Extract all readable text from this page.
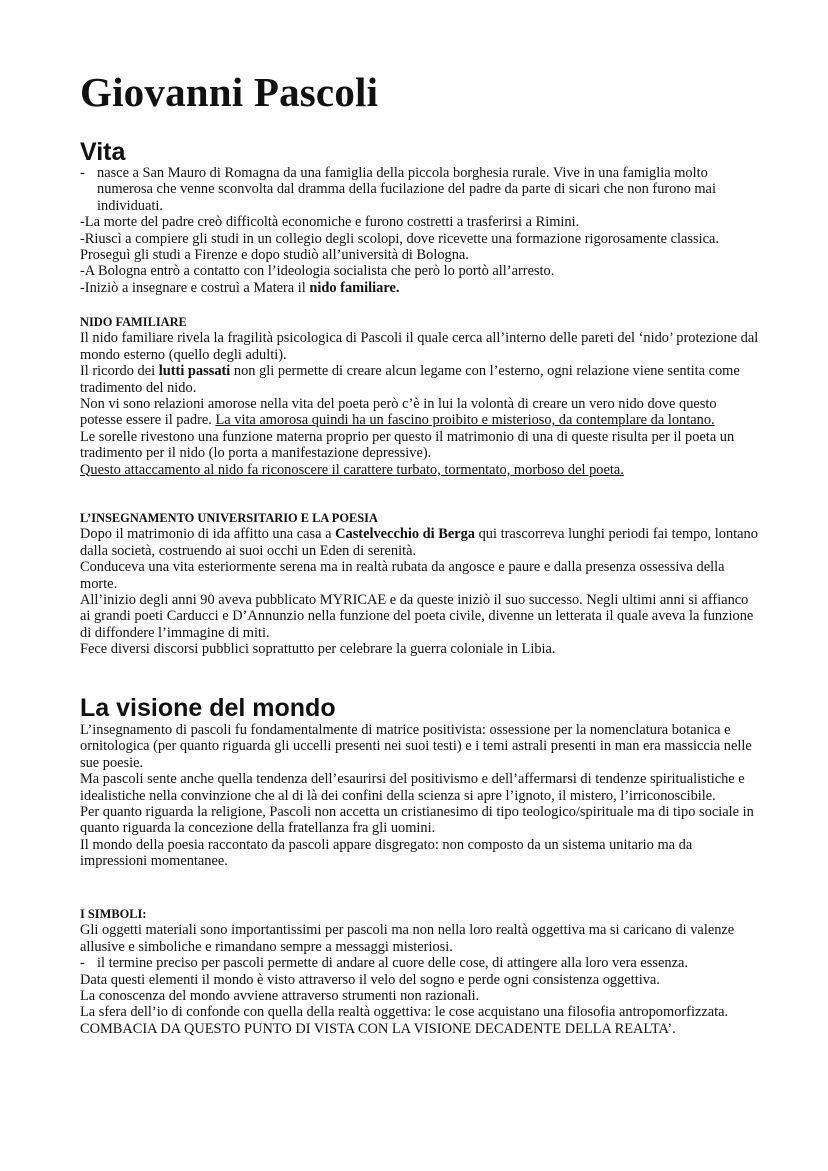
Giovanni Pascoli
Vita
- nasce a San Mauro di Romagna da una famiglia della piccola borghesia rurale. Vive in una famiglia molto numerosa che venne sconvolta dal dramma della fucilazione del padre da parte di sicari che non furono mai individuati.

-La morte del padre creò difficoltà economiche e furono costretti a trasferirsi a Rimini.

-Riuscì a compiere gli studi in un collegio degli scolopi, dove ricevette una formazione rigorosamente classica. Proseguì gli studi a Firenze e dopo studiò all’università di Bologna.

-A Bologna entrò a contatto con l’ideologia socialista che però lo portò all’arresto.

-Iniziò a insegnare e costruì a Matera il nido familiare.

NIDO FAMILIARE

Il nido familiare rivela la fragilità psicologica di Pascoli il quale cerca all’interno delle pareti del ‘nido’ protezione dal mondo esterno (quello degli adulti).

Il ricordo dei lutti passati non gli permette di creare alcun legame con l’esterno, ogni relazione viene sentita come tradimento del nido.

Non vi sono relazioni amorose nella vita del poeta però c’è in lui la volontà di creare un vero nido dove questo potesse essere il padre. La vita amorosa quindi ha un fascino proibito e misterioso, da contemplare da lontano.

Le sorelle rivestono una funzione materna proprio per questo il matrimonio di una di queste risulta per il poeta un tradimento per il nido (lo porta a manifestazione depressive).

Questo attaccamento al nido fa riconoscere il carattere turbato, tormentato, morboso del poeta.

L’INSEGNAMENTO UNIVERSITARIO E LA POESIA

Dopo il matrimonio di ida affitto una casa a Castelvecchio di Berga qui trascorreva lunghi periodi fai tempo, lontano dalla società, costruendo ai suoi occhi un Eden di serenità.

Conduceva una vita esteriormente serena ma in realtà rubata da angosce e paure e dalla presenza ossessiva della morte.

All’inizio degli anni 90 aveva pubblicato MYRICAE e da queste iniziò il suo successo. Negli ultimi anni si affianco ai grandi poeti Carducci e D’Annunzio nella funzione del poeta civile, divenne un letterata il quale aveva la funzione di diffondere l’immagine di miti.

Fece diversi discorsi pubblici soprattutto per celebrare la guerra coloniale in Libia.

La visione del mondo

L’insegnamento di pascoli fu fondamentalmente di matrice positivista: ossessione per la nomenclatura botanica e ornitologica (per quanto riguarda gli uccelli presenti nei suoi testi) e i temi astrali presenti in man era massiccia nelle sue poesie.

Ma pascoli sente anche quella tendenza dell’esaurirsi del positivismo e dell’affermarsi di tendenze spiritualistiche e idealistiche nella convinzione che al di là dei confini della scienza si apre l’ignoto, il mistero, l’irriconoscibile.

Per quanto riguarda la religione, Pascoli non accetta un cristianesimo di tipo teologico/spirituale ma di tipo sociale in quanto riguarda la concezione della fratellanza fra gli uomini.

Il mondo della poesia raccontato da pascoli appare disgregato: non composto da un sistema unitario ma da impressioni momentanee.

I SIMBOLI:

Gli oggetti materiali sono importantissimi per pascoli ma non nella loro realtà oggettiva ma si caricano di valenze allusive e simboliche e rimandano sempre a messaggi misteriosi.

- il termine preciso per pascoli permette di andare al cuore delle cose, di attingere alla loro vera essenza.

Data questi elementi il mondo è visto attraverso il velo del sogno e perde ogni consistenza oggettiva.

La conoscenza del mondo avviene attraverso strumenti non razionali.

La sfera dell’io di confonde con quella della realtà oggettiva: le cose acquistano una filosofia antropomorfizzata.

COMBACIA DA QUESTO PUNTO DI VISTA CON LA VISIONE DECADENTE DELLA REALTA’.
